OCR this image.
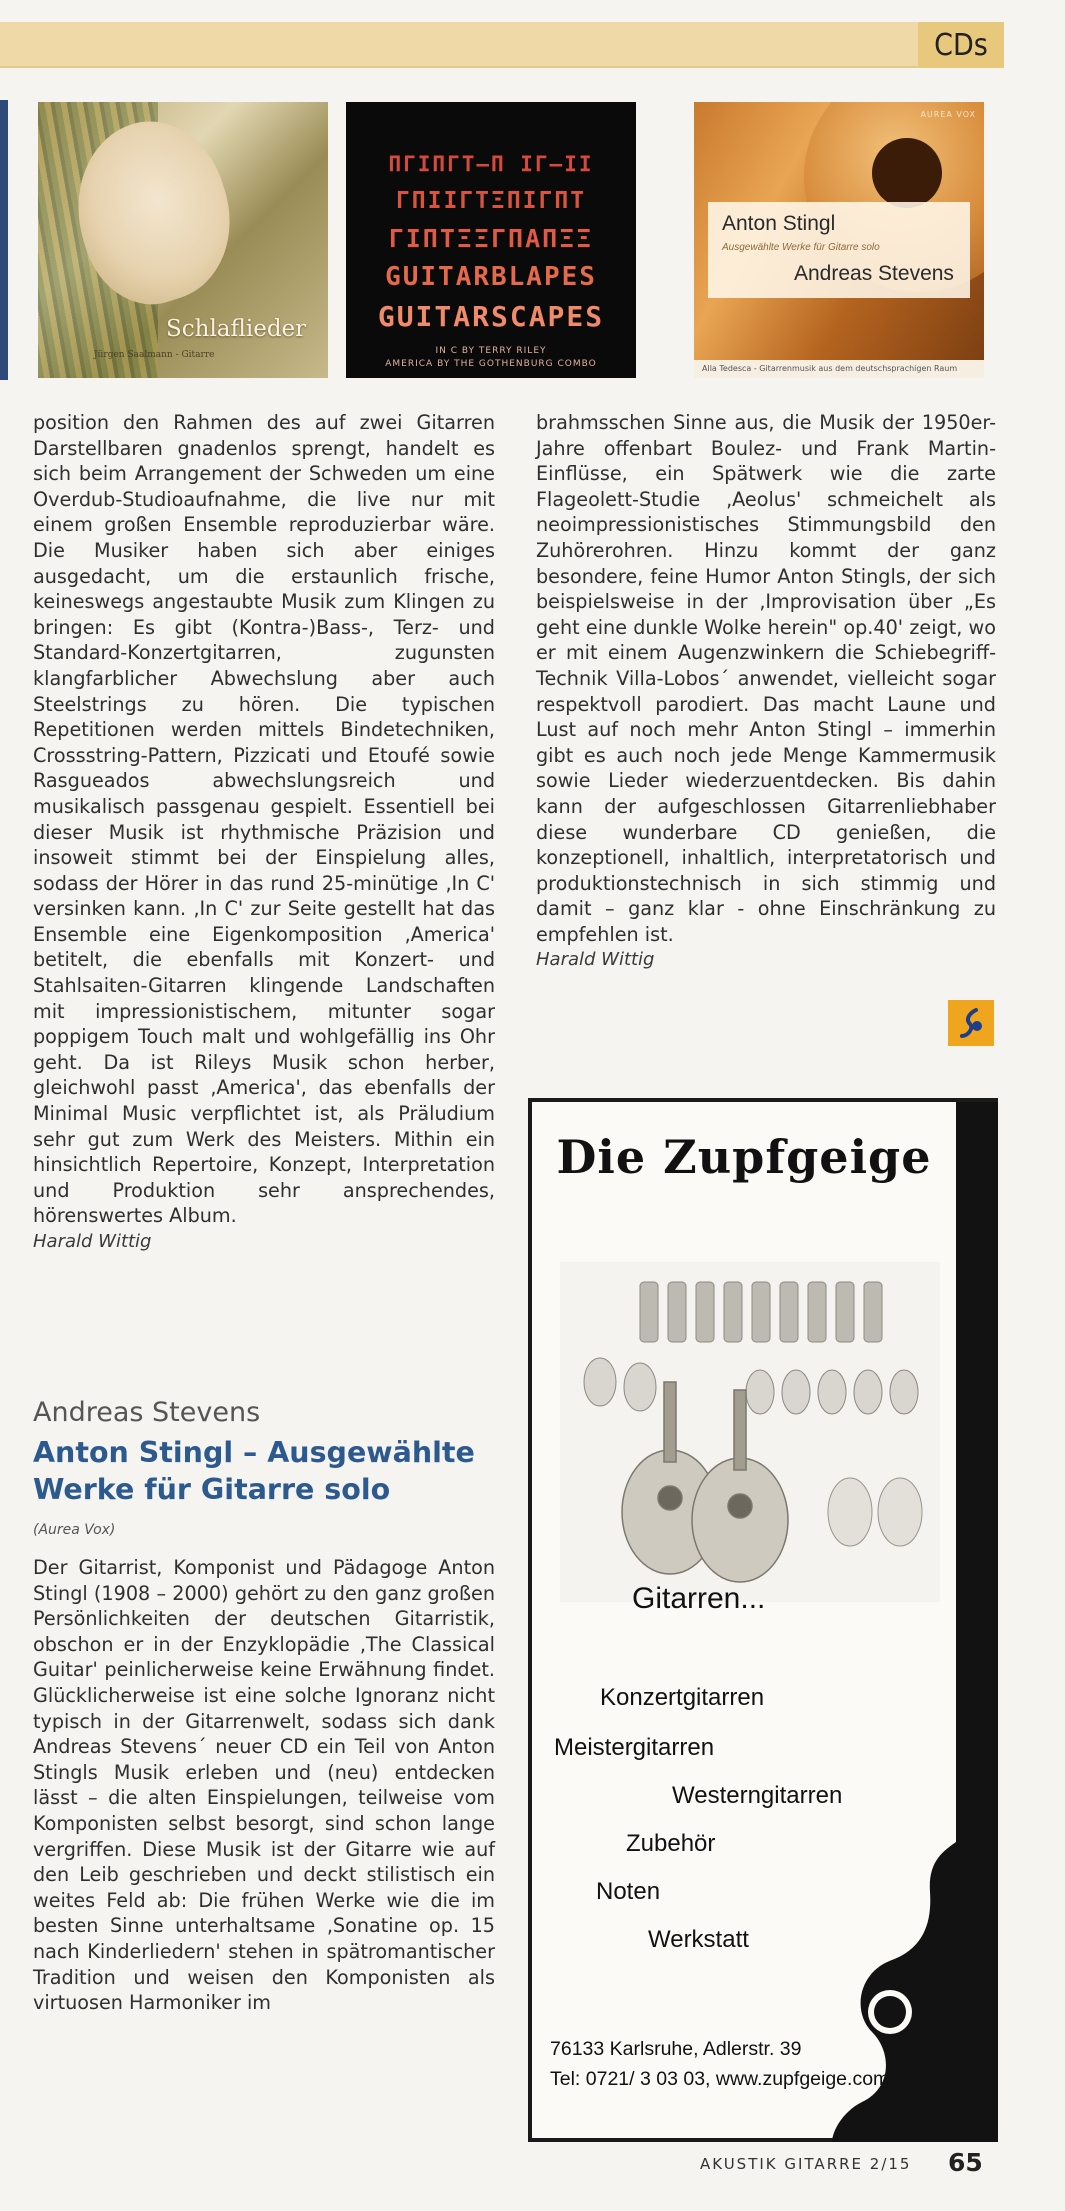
CDs
Schlaflieder
Jürgen Saalmann - Gitarre
ΠΓΙΠΓΤ–Π ΙΓ–ΙΙ
ΓΠΙΙΓΤΞΠΙΓΠΤ
ΓΙΠΤΞΞΓΠΑΠΞΞ
GUITARBLAPES
GUITARSCAPES
IN C BY TERRY RILEY
AMERICA BY THE GOTHENBURG COMBO
AUREA VOX
Anton Stingl
Ausgewählte Werke für Gitarre solo
Andreas Stevens
Alla Tedesca - Gitarrenmusik aus dem deutschsprachigen Raum

position den Rahmen des auf zwei Gitarren Darstellbaren gnadenlos sprengt, handelt es sich beim Arrangement der Schweden um eine Overdub-Studioaufnahme, die live nur mit einem großen Ensemble reproduzierbar wäre. Die Musiker haben sich aber einiges ausgedacht, um die erstaunlich frische, keineswegs angestaubte Musik zum Klingen zu bringen: Es gibt (Kontra-)Bass-, Terz- und Standard-Konzertgitarren, zugunsten klangfarblicher Abwechslung aber auch Steelstrings zu hören. Die typischen Repetitionen werden mittels Bindetechniken, Crossstring-Pattern, Pizzicati und Etoufé sowie Rasgueados abwechslungsreich und musikalisch passgenau gespielt. Essentiell bei dieser Musik ist rhythmische Präzision und insoweit stimmt bei der Einspielung alles, sodass der Hörer in das rund 25-minütige ‚In C' versinken kann. ‚In C' zur Seite gestellt hat das Ensemble eine Eigenkomposition ‚America' betitelt, die ebenfalls mit Konzert- und Stahlsaiten-Gitarren klingende Landschaften mit impressionistischem, mitunter sogar poppigem Touch malt und wohlgefällig ins Ohr geht. Da ist Rileys Musik schon herber, gleichwohl passt ‚America', das ebenfalls der Minimal Music verpflichtet ist, als Präludium sehr gut zum Werk des Meisters. Mithin ein hinsichtlich Repertoire, Konzept, Interpretation und Produktion sehr ansprechendes, hörenswertes Album.

Harald Wittig

brahmsschen Sinne aus, die Musik der 1950er-Jahre offenbart Boulez- und Frank Martin-Einflüsse, ein Spätwerk wie die zarte Flageolett-Studie ‚Aeolus' schmeichelt als neoimpressionistisches Stimmungsbild den Zuhörerohren. Hinzu kommt der ganz besondere, feine Humor Anton Stingls, der sich beispielsweise in der ‚Improvisation über „Es geht eine dunkle Wolke herein" op.40' zeigt, wo er mit einem Augenzwinkern die Schiebegriff-Technik Villa-Lobos´ anwendet, vielleicht sogar respektvoll parodiert. Das macht Laune und Lust auf noch mehr Anton Stingl – immerhin gibt es auch noch jede Menge Kammermusik sowie Lieder wiederzuentdecken. Bis dahin kann der aufgeschlossen Gitarrenliebhaber diese wunderbare CD genießen, die konzeptionell, inhaltlich, interpretatorisch und produktionstechnisch in sich stimmig und damit – ganz klar - ohne Einschränkung zu empfehlen ist.

Harald Wittig

Andreas Stevens
Anton Stingl – Ausgewählte Werke für Gitarre solo
(Aurea Vox)

Der Gitarrist, Komponist und Pädagoge Anton Stingl (1908 – 2000) gehört zu den ganz großen Persönlichkeiten der deutschen Gitarristik, obschon er in der Enzyklopädie ‚The Classical Guitar' peinlicherweise keine Erwähnung findet. Glücklicherweise ist eine solche Ignoranz nicht typisch in der Gitarrenwelt, sodass sich dank Andreas Stevens´ neuer CD ein Teil von Anton Stingls Musik erleben und (neu) entdecken lässt – die alten Einspielungen, teilweise vom Komponisten selbst besorgt, sind schon lange vergriffen. Diese Musik ist der Gitarre wie auf den Leib geschrieben und deckt stilistisch ein weites Feld ab: Die frühen Werke wie die im besten Sinne unterhaltsame ‚Sonatine op. 15 nach Kinderliedern' stehen in spätromantischer Tradition und weisen den Komponisten als virtuosen Harmoniker im

Die Zupfgeige
Gitarren...
Konzertgitarren
Meistergitarren
Westerngitarren
Zubehör
Noten
Werkstatt
76133 Karlsruhe, Adlerstr. 39
Tel: 0721/ 3 03 03, www.zupfgeige.com
AKUSTIK GITARRE 2/15 65
